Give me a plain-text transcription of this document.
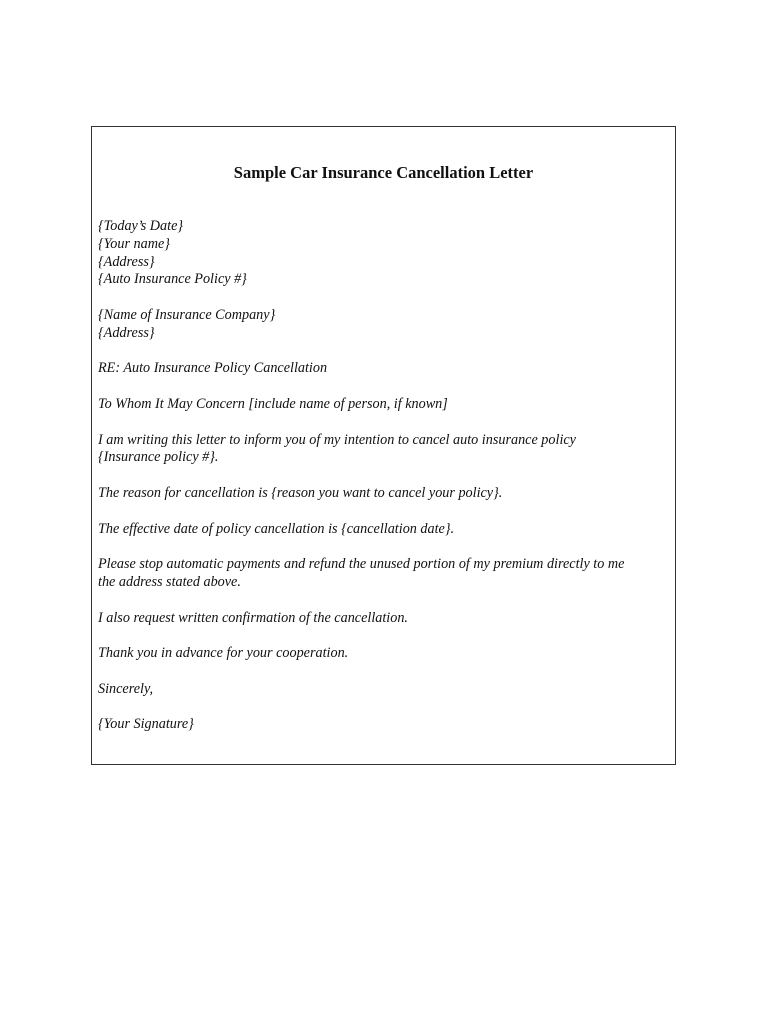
Sample Car Insurance Cancellation Letter
{Today’s Date}
{Your name}
{Address}
{Auto Insurance Policy #}
{Name of Insurance Company}
{Address}
RE: Auto Insurance Policy Cancellation
To Whom It May Concern [include name of person, if known]
I am writing this letter to inform you of my intention to cancel auto insurance policy
{Insurance policy #}.
The reason for cancellation is {reason you want to cancel your policy}.
The effective date of policy cancellation is {cancellation date}.
Please stop automatic payments and refund the unused portion of my premium directly to me
the address stated above.
I also request written confirmation of the cancellation.
Thank you in advance for your cooperation.
Sincerely,
{Your Signature}
